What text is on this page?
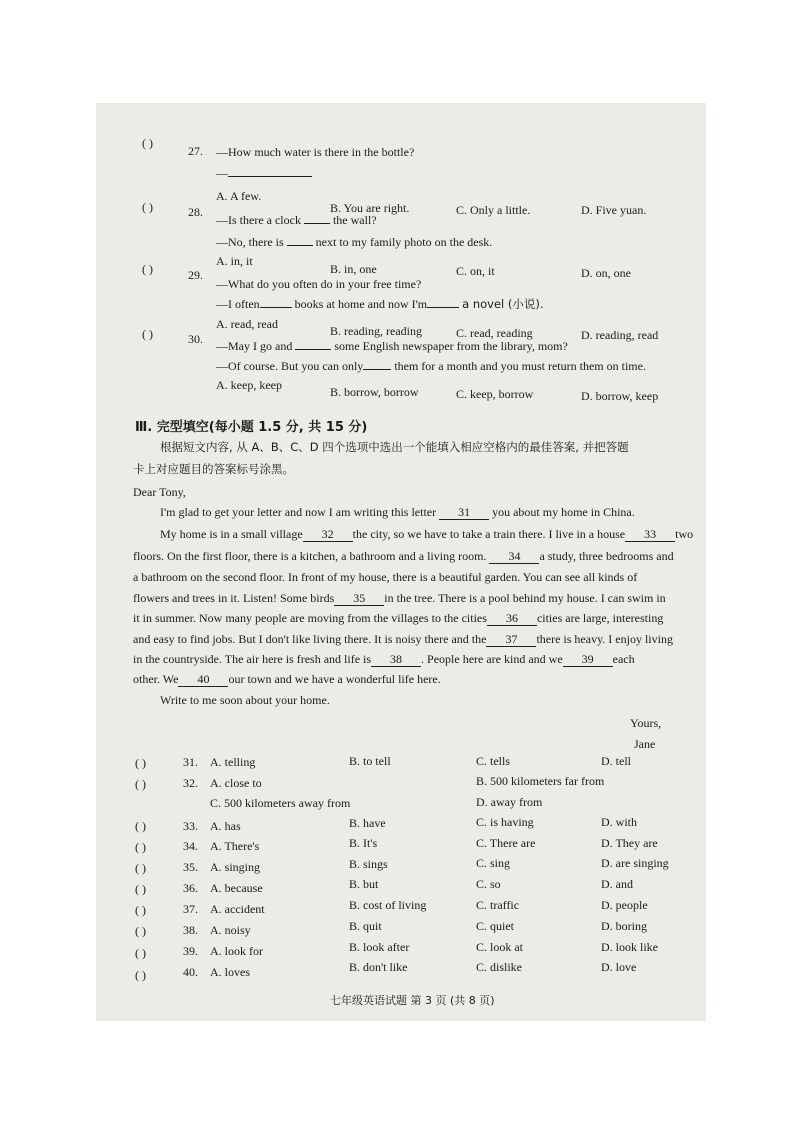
( )
27. —How much water is there in the bottle?
—
A. A few.
B. You are right.	C. Only a little.	D. Five yuan.
( )	28.
—Is there a clock	the wall?
—No, there is	next to my family photo on the desk.
A. in, it
B. in, one	C. on, it	D. on, one
( )	29.
—What do you often do in your free time?
—I often	books at home and now I'm	a novel (小说).
A. read, read	B. reading, reading	C. read, reading	D. reading, read
( )	30. —May I go and	some English newspaper from the library, mom?
—Of course. But you can only	them for a month and you must return them on time.
A. keep, keep	B. borrow, borrow	C. keep, borrow	D. borrow, keep
Ⅲ. 完型填空(每小题 1.5 分, 共 15 分)
根据短文内容, 从 A、B、C、D 四个选项中选出一个能填入相应空格内的最佳答案, 并把答题
卡上对应题目的答案标号涂黑。
Dear Tony,
I'm glad to get your letter and now I am writing this letter 31 you about my home in China.
My home is in a small village 32 the city, so we have to take a train there. I live in a house 33 two
floors. On the first floor, there is a kitchen, a bathroom and a living room. 34 a study, three bedrooms and
a bathroom on the second floor. In front of my house, there is a beautiful garden. You can see all kinds of
flowers and trees in it. Listen! Some birds 35 in the tree. There is a pool behind my house. I can swim in
it in summer. Now many people are moving from the villages to the cities 36 cities are large, interesting
and easy to find jobs. But I don't like living there. It is noisy there and the 37 there is heavy. I enjoy living
in the countryside. The air here is fresh and life is 38 . People here are kind and we 39 each
other. We 40 our town and we have a wonderful life here.
Write to me soon about your home.
Yours,
Jane
( )	31. A. telling	B. to tell	C. tells	D. tell
( )	32. A. close to	B. 500 kilometers far from
C. 500 kilometers away from	D. away from
( )	33. A. has	B. have	C. is having	D. with
( )	34. A. There's	B. It's	C. There are	D. They are
( )	35. A. singing	B. sings	C. sing	D. are singing
( )	36. A. because	B. but	C. so	D. and
( )	37. A. accident	B. cost of living	C. traffic	D. people
( )	38. A. noisy	B. quit	C. quiet	D. boring
( )	39. A. look for	B. look after	C. look at	D. look like
( )	40. A. loves	B. don't like	C. dislike	D. love
七年级英语试题 第 3 页 (共 8 页)
